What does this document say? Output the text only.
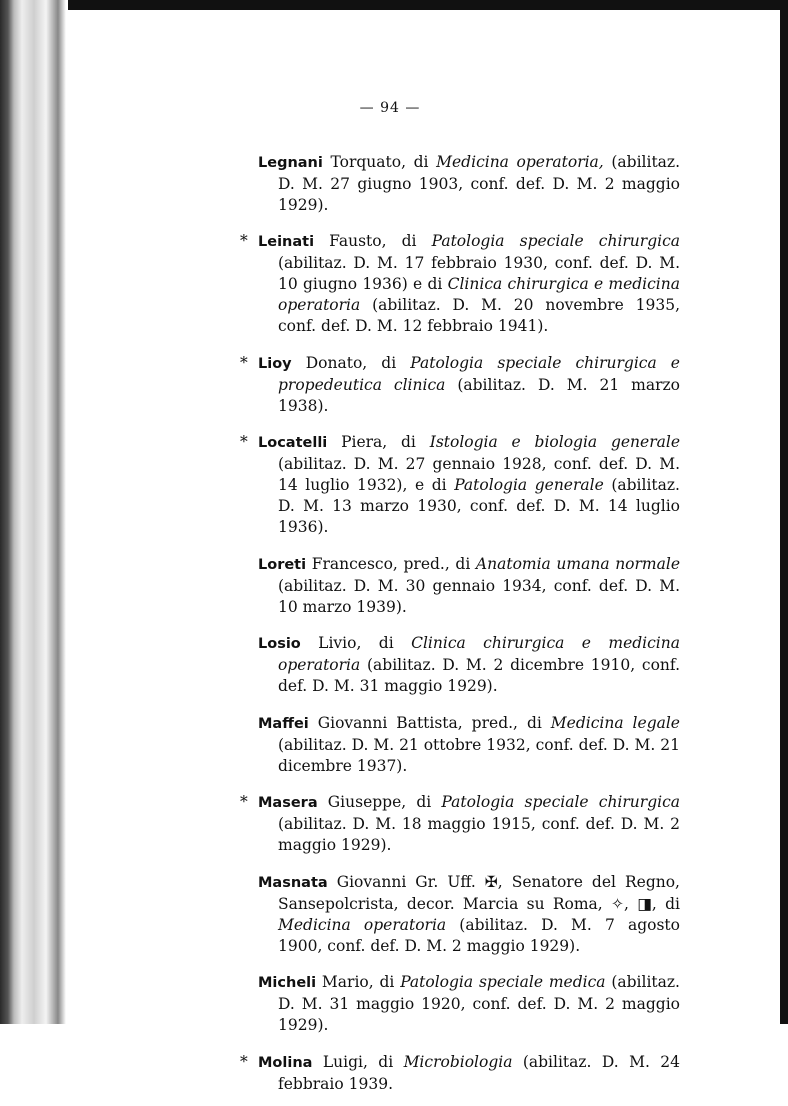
— 94 —

Legnani Torquato, di Medicina operatoria, (abilitaz. D. M. 27 giugno 1903, conf. def. D. M. 2 maggio 1929).

* Leinati Fausto, di Patologia speciale chirurgica (abilitaz. D. M. 17 febbraio 1930, conf. def. D. M. 10 giugno 1936) e di Clinica chirurgica e medicina operatoria (abilitaz. D. M. 20 novembre 1935, conf. def. D. M. 12 febbraio 1941).

* Lioy Donato, di Patologia speciale chirurgica e propedeutica clinica (abilitaz. D. M. 21 marzo 1938).

* Locatelli Piera, di Istologia e biologia generale (abilitaz. D. M. 27 gennaio 1928, conf. def. D. M. 14 luglio 1932), e di Patologia generale (abilitaz. D. M. 13 marzo 1930, conf. def. D. M. 14 luglio 1936).

Loreti Francesco, pred., di Anatomia umana normale (abilitaz. D. M. 30 gennaio 1934, conf. def. D. M. 10 marzo 1939).

Losio Livio, di Clinica chirurgica e medicina operatoria (abilitaz. D. M. 2 dicembre 1910, conf. def. D. M. 31 maggio 1929).

Maffei Giovanni Battista, pred., di Medicina legale (abilitaz. D. M. 21 ottobre 1932, conf. def. D. M. 21 dicembre 1937).

* Masera Giuseppe, di Patologia speciale chirurgica (abilitaz. D. M. 18 maggio 1915, conf. def. D. M. 2 maggio 1929).

Masnata Giovanni Gr. Uff. ✠, Senatore del Regno, Sansepolcrista, decor. Marcia su Roma, ✧, ◨, di Medicina operatoria (abilitaz. D. M. 7 agosto 1900, conf. def. D. M. 2 maggio 1929).

Micheli Mario, di Patologia speciale medica (abilitaz. D. M. 31 maggio 1920, conf. def. D. M. 2 maggio 1929).

* Molina Luigi, di Microbiologia (abilitaz. D. M. 24 febbraio 1939.
